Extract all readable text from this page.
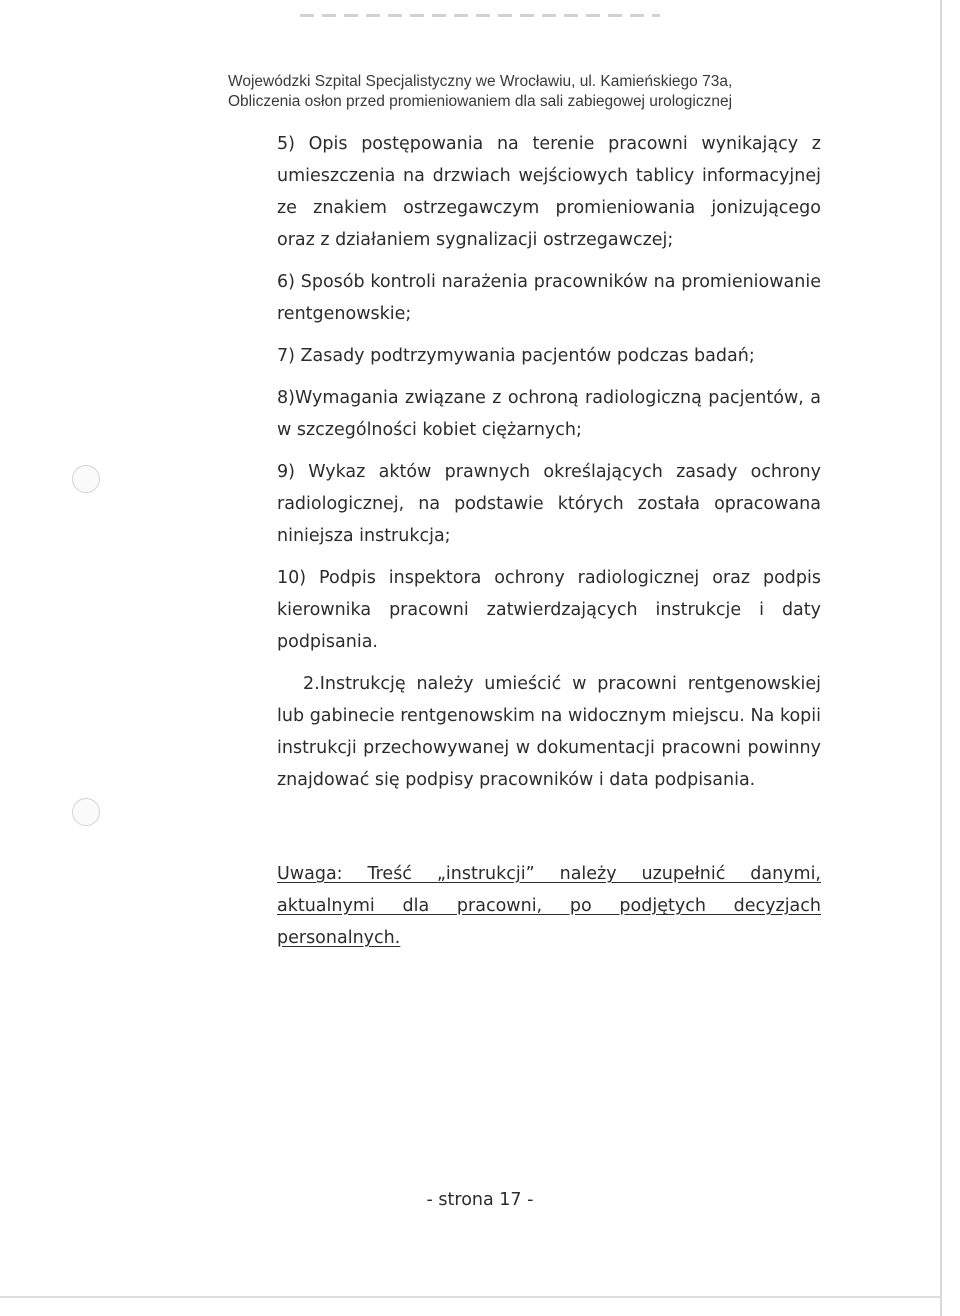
Wojewódzki Szpital Specjalistyczny we Wrocławiu, ul. Kamieńskiego 73a,
Obliczenia osłon przed promieniowaniem dla sali zabiegowej urologicznej

5) Opis postępowania na terenie pracowni wynikający z umieszczenia na drzwiach wejściowych tablicy informacyjnej ze znakiem ostrzegawczym promieniowania jonizującego oraz z działaniem sygnalizacji ostrzegawczej;

6) Sposób kontroli narażenia pracowników na promieniowanie rentgenowskie;

7) Zasady podtrzymywania pacjentów podczas badań;

8)Wymagania związane z ochroną radiologiczną pacjentów, a w szczególności kobiet ciężarnych;

9) Wykaz aktów prawnych określających zasady ochrony radiologicznej, na podstawie których została opracowana niniejsza instrukcja;

10) Podpis inspektora ochrony radiologicznej oraz podpis kierownika pracowni zatwierdzających instrukcje i daty podpisania.

2.Instrukcję należy umieścić w pracowni rentgenowskiej lub gabinecie rentgenowskim na widocznym miejscu. Na kopii instrukcji przechowywanej w dokumentacji pracowni powinny znajdować się podpisy pracowników i data podpisania.

Uwaga: Treść „instrukcji” należy uzupełnić danymi, aktualnymi dla pracowni, po podjętych decyzjach personalnych.

- strona 17 -
